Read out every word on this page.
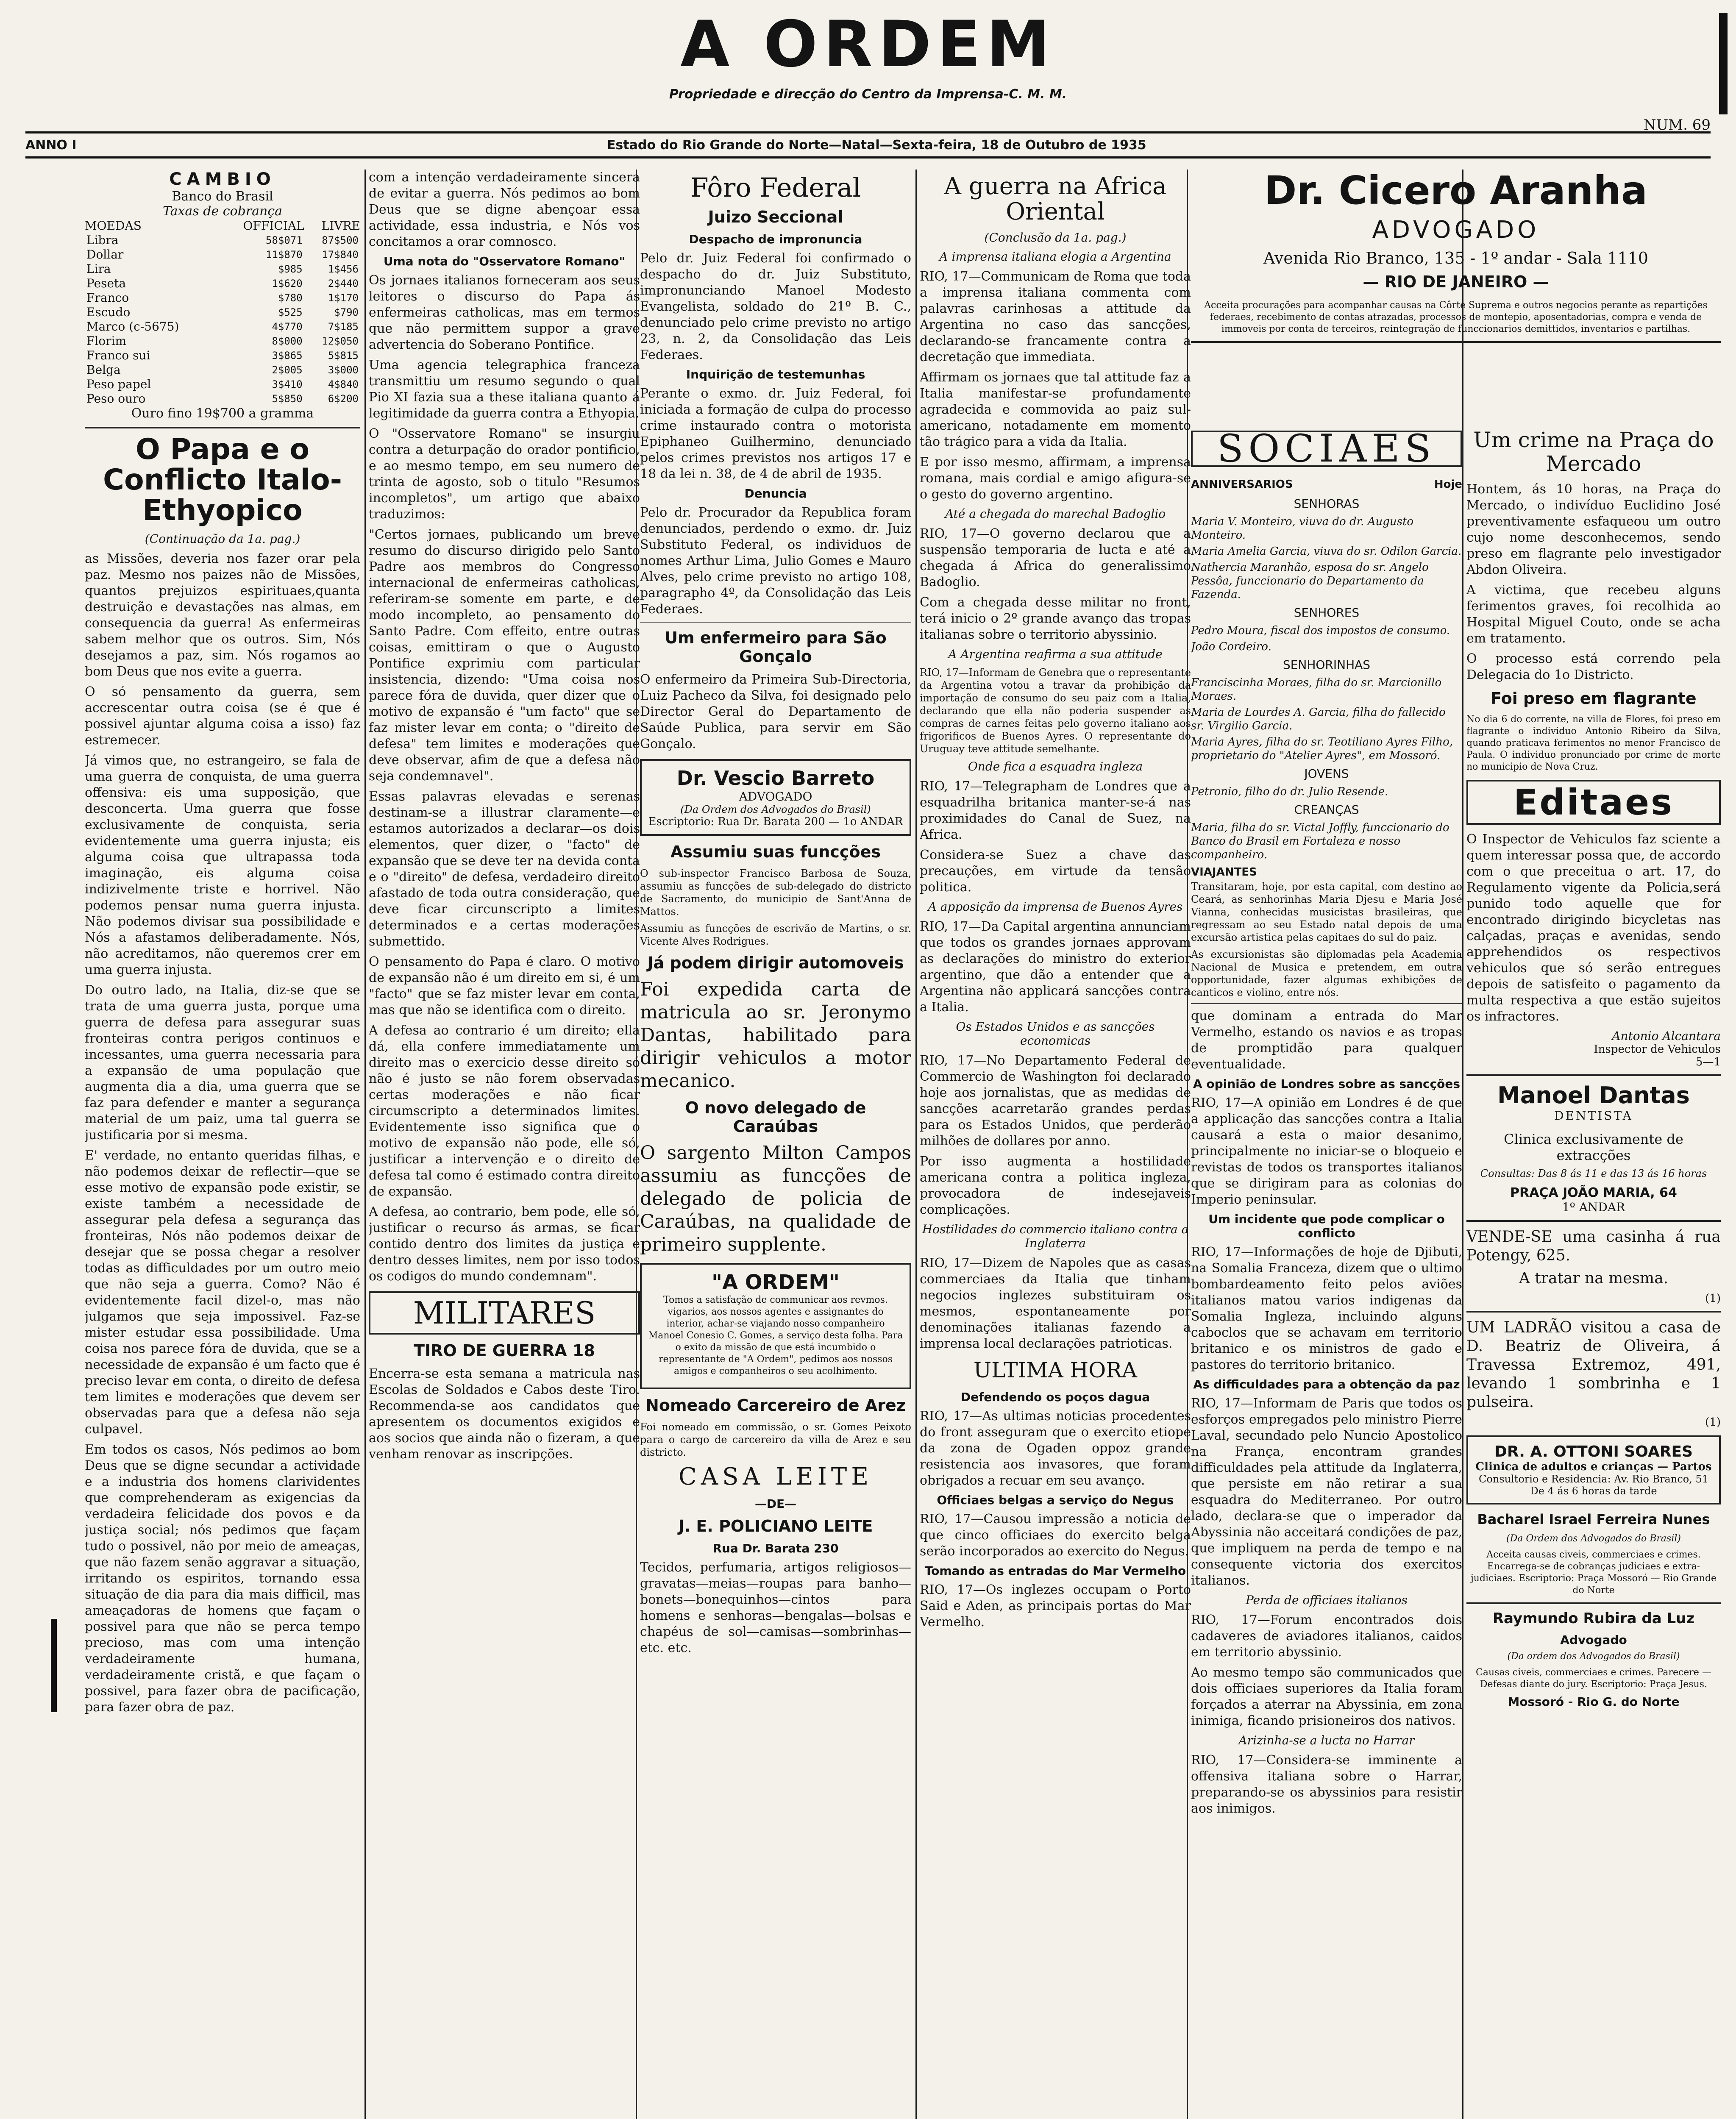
A ORDEM
Propriedade e direcção do Centro da Imprensa-C. M. M.
NUM. 69
ANNO I	Estado do Rio Grande do Norte—Natal—Sexta-feira, 18 de Outubro de 1935
CAMBIO
Banco do Brasil
Taxas de cobrança
MOEDAS	OFFICIAL	LIVRE
Libra	58$071	87$500
Dollar	11$870	17$840
Lira	$985	1$456
Peseta	1$620	2$440
Franco	$780	1$170
Escudo	$525	$790
Marco (c-5675)	4$770	7$185
Florim	8$000	12$050
Franco sui	3$865	5$815
Belga	2$005	3$000
Peso papel	3$410	4$840
Peso ouro	5$850	6$200
Ouro fino 19$700 a gramma
O Papa e o Conflicto Italo-Ethyopico
(Continuação da 1a. pag.)

as Missões, deveria nos fazer orar pela paz. Mesmo nos paizes não de Missões, quantos prejuizos espirituaes,quanta destruição e devastações nas almas, em consequencia da guerra! As enfermeiras sabem melhor que os outros. Sim, Nós desejamos a paz, sim. Nós rogamos ao bom Deus que nos evite a guerra.

O só pensamento da guerra, sem accrescentar outra coisa (se é que é possivel ajuntar alguma coisa a isso) faz estremecer.

Já vimos que, no estrangeiro, se fala de uma guerra de conquista, de uma guerra offensiva: eis uma supposição, que desconcerta. Uma guerra que fosse exclusivamente de conquista, seria evidentemente uma guerra injusta; eis alguma coisa que ultrapassa toda imaginação, eis alguma coisa indizivelmente triste e horrivel. Não podemos pensar numa guerra injusta. Não podemos divisar sua possibilidade e Nós a afastamos deliberadamente. Nós, não acreditamos, não queremos crer em uma guerra injusta.

Do outro lado, na Italia, diz-se que se trata de uma guerra justa, porque uma guerra de defesa para assegurar suas fronteiras contra perigos continuos e incessantes, uma guerra necessaria para a expansão de uma população que augmenta dia a dia, uma guerra que se faz para defender e manter a segurança material de um paiz, uma tal guerra se justificaria por si mesma.

E' verdade, no entanto queridas filhas, e não podemos deixar de reflectir—que se esse motivo de expansão pode existir, se existe também a necessidade de assegurar pela defesa a segurança das fronteiras, Nós não podemos deixar de desejar que se possa chegar a resolver todas as difficuldades por um outro meio que não seja a guerra. Como? Não é evidentemente facil dizel-o, mas não julgamos que seja impossivel. Faz-se mister estudar essa possibilidade. Uma coisa nos parece fóra de duvida, que se a necessidade de expansão é um facto que é preciso levar em conta, o direito de defesa tem limites e moderações que devem ser observadas para que a defesa não seja culpavel.

Em todos os casos, Nós pedimos ao bom Deus que se digne secundar a actividade e a industria dos homens clarividentes que comprehenderam as exigencias da verdadeira felicidade dos povos e da justiça social; nós pedimos que façam tudo o possivel, não por meio de ameaças, que não fazem senão aggravar a situação, irritando os espiritos, tornando essa situação de dia para dia mais difficil, mas ameaçadoras de homens que façam o possivel para que não se perca tempo precioso, mas com uma intenção verdadeiramente humana, verdadeiramente cristã, e que façam o possivel, para fazer obra de pacificação, para fazer obra de paz.

com a intenção verdadeiramente sincera de evitar a guerra. Nós pedimos ao bom Deus que se digne abençoar essa actividade, essa industria, e Nós vos concitamos a orar comnosco.

Uma nota do "Osservatore Romano"

Os jornaes italianos forneceram aos seus leitores o discurso do Papa ás enfermeiras catholicas, mas em termos que não permittem suppor a grave advertencia do Soberano Pontifice.

Uma agencia telegraphica franceza transmittiu um resumo segundo o qual Pio XI fazia sua a these italiana quanto á legitimidade da guerra contra a Ethyopia.

O "Osservatore Romano" se insurgiu contra a deturpação do orador pontificio, e ao mesmo tempo, em seu numero de trinta de agosto, sob o titulo "Resumos incompletos", um artigo que abaixo traduzimos:

"Certos jornaes, publicando um breve resumo do discurso dirigido pelo Santo Padre aos membros do Congresso internacional de enfermeiras catholicas, referiram-se somente em parte, e de modo incompleto, ao pensamento do Santo Padre. Com effeito, entre outras coisas, emittiram o que o Augusto Pontifice exprimiu com particular insistencia, dizendo: "Uma coisa nos parece fóra de duvida, quer dizer que o motivo de expansão é "um facto" que se faz mister levar em conta; o "direito de defesa" tem limites e moderações que deve observar, afim de que a defesa não seja condemnavel".

Essas palavras elevadas e serenas destinam-se a illustrar claramente—e estamos autorizados a declarar—os dois elementos, quer dizer, o "facto" de expansão que se deve ter na devida conta e o "direito" de defesa, verdadeiro direito afastado de toda outra consideração, que deve ficar circunscripto a limites determinados e a certas moderações submettido.

O pensamento do Papa é claro. O motivo de expansão não é um direito em si, é um "facto" que se faz mister levar em conta, mas que não se identifica com o direito.

A defesa ao contrario é um direito; ella dá, ella confere immediatamente um direito mas o exercicio desse direito só não é justo se não forem observadas certas moderações e não ficar circumscripto a determinados limites. Evidentemente isso significa que o motivo de expansão não pode, elle só, justificar a intervenção e o direito de defesa tal como é estimado contra direito de expansão.

A defesa, ao contrario, bem pode, elle só, justificar o recurso ás armas, se ficar contido dentro dos limites da justiça e dentro desses limites, nem por isso todos os codigos do mundo condemnam".

MILITARES
TIRO DE GUERRA 18

Encerra-se esta semana a matricula nas Escolas de Soldados e Cabos deste Tiro. Recommenda-se aos candidatos que apresentem os documentos exigidos e aos socios que ainda não o fizeram, a que venham renovar as inscripções.

Fôro Federal
Juizo Seccional
Despacho de impronuncia

Pelo dr. Juiz Federal foi confirmado o despacho do dr. Juiz Substituto, impronunciando Manoel Modesto Evangelista, soldado do 21º B. C., denunciado pelo crime previsto no artigo 23, n. 2, da Consolidação das Leis Federaes.

Inquirição de testemunhas

Perante o exmo. dr. Juiz Federal, foi iniciada a formação de culpa do processo crime instaurado contra o motorista Epiphaneo Guilhermino, denunciado pelos crimes previstos nos artigos 17 e 18 da lei n. 38, de 4 de abril de 1935.

Denuncia

Pelo dr. Procurador da Republica foram denunciados, perdendo o exmo. dr. Juiz Substituto Federal, os individuos de nomes Arthur Lima, Julio Gomes e Mauro Alves, pelo crime previsto no artigo 108, paragrapho 4º, da Consolidação das Leis Federaes.

Um enfermeiro para São Gonçalo

O enfermeiro da Primeira Sub-Directoria, Luiz Pacheco da Silva, foi designado pelo Director Geral do Departamento de Saúde Publica, para servir em São Gonçalo.

Dr. Vescio Barreto
ADVOGADO
(Da Ordem dos Advogados do Brasil)
Escriptorio: Rua Dr. Barata 200 — 1o ANDAR
Assumiu suas funcções

O sub-inspector Francisco Barbosa de Souza, assumiu as funcções de sub-delegado do districto de Sacramento, do municipio de Sant'Anna de Mattos.

Assumiu as funcções de escrivão de Martins, o sr. Vicente Alves Rodrigues.

Já podem dirigir automoveis

Foi expedida carta de matricula ao sr. Jeronymo Dantas, habilitado para dirigir vehiculos a motor mecanico.

O novo delegado de Caraúbas

O sargento Milton Campos assumiu as funcções de delegado de policia de Caraúbas, na qualidade de primeiro supplente.

"A ORDEM"

Tomos a satisfação de communicar aos revmos. vigarios, aos nossos agentes e assignantes do interior, achar-se viajando nosso companheiro Manoel Conesio C. Gomes, a serviço desta folha. Para o exito da missão de que está incumbido o representante de "A Ordem", pedimos aos nossos amigos e companheiros o seu acolhimento.

Nomeado Carcereiro de Arez

Foi nomeado em commissão, o sr. Gomes Peixoto para o cargo de carcereiro da villa de Arez e seu districto.

CASA LEITE
—DE—
J. E. POLICIANO LEITE
Rua Dr. Barata 230

Tecidos, perfumaria, artigos religiosos—gravatas—meias—roupas para banho—bonets—bonequinhos—cintos para homens e senhoras—bengalas—bolsas e chapéus de sol—camisas—sombrinhas—etc. etc.

A guerra na Africa Oriental
(Conclusão da 1a. pag.)
A imprensa italiana elogia a Argentina

RIO, 17—Communicam de Roma que toda a imprensa italiana commenta com palavras carinhosas a attitude da Argentina no caso das sancções, declarando-se francamente contra a decretação que immediata.

Affirmam os jornaes que tal attitude faz a Italia manifestar-se profundamente agradecida e commovida ao paiz sul-americano, notadamente em momento tão trágico para a vida da Italia.

E por isso mesmo, affirmam, a imprensa romana, mais cordial e amigo afigura-se o gesto do governo argentino.

Até a chegada do marechal Badoglio

RIO, 17—O governo declarou que a suspensão temporaria de lucta e até a chegada á Africa do generalissimo Badoglio.

Com a chegada desse militar no front, terá inicio o 2º grande avanço das tropas italianas sobre o territorio abyssinio.

A Argentina reafirma a sua attitude

RIO, 17—Informam de Genebra que o representante da Argentina votou a travar da prohibição da importação de consumo do seu paiz com a Italia, declarando que ella não poderia suspender as compras de carnes feitas pelo governo italiano aos frigorificos de Buenos Ayres. O representante do Uruguay teve attitude semelhante.

Onde fica a esquadra ingleza

RIO, 17—Telegrapham de Londres que a esquadrilha britanica manter-se-á nas proximidades do Canal de Suez, na Africa.

Considera-se Suez a chave das precauções, em virtude da tensão politica.

A apposição da imprensa de Buenos Ayres

RIO, 17—Da Capital argentina annunciam que todos os grandes jornaes approvam as declarações do ministro do exterior argentino, que dão a entender que a Argentina não applicará sancções contra a Italia.

Os Estados Unidos e as sancções economicas

RIO, 17—No Departamento Federal de Commercio de Washington foi declarado hoje aos jornalistas, que as medidas de sancções acarretarão grandes perdas para os Estados Unidos, que perderão milhões de dollares por anno.

Por isso augmenta a hostilidade americana contra a politica ingleza, provocadora de indesejaveis complicações.

Hostilidades do commercio italiano contra a Inglaterra

RIO, 17—Dizem de Napoles que as casas commerciaes da Italia que tinham negocios inglezes substituiram os mesmos, espontaneamente por denominações italianas fazendo a imprensa local declarações patrioticas.

ULTIMA HORA
Defendendo os poços dagua

RIO, 17—As ultimas noticias procedentes do front asseguram que o exercito etiope da zona de Ogaden oppoz grande resistencia aos invasores, que foram obrigados a recuar em seu avanço.

Officiaes belgas a serviço do Negus

RIO, 17—Causou impressão a noticia de que cinco officiaes do exercito belga serão incorporados ao exercito do Negus.

Tomando as entradas do Mar Vermelho

RIO, 17—Os inglezes occupam o Porto Said e Aden, as principais portas do Mar Vermelho.

Dr. Cicero Aranha
ADVOGADO
Avenida Rio Branco, 135 - 1º andar - Sala 1110
— RIO DE JANEIRO —

Acceita procurações para acompanhar causas na Côrte Suprema e outros negocios perante as repartições federaes, recebimento de contas atrazadas, processos de montepio, aposentadorias, compra e venda de immoveis por conta de terceiros, reintegração de funccionarios demittidos, inventarios e partilhas.

SOCIAES
ANNIVERSARIOS	Hoje
SENHORAS
Maria V. Monteiro, viuva do dr. Augusto Monteiro.
Maria Amelia Garcia, viuva do sr. Odilon Garcia.
Nathercia Maranhão, esposa do sr. Angelo Pessôa, funccionario do Departamento da Fazenda.
SENHORES
Pedro Moura, fiscal dos impostos de consumo.
João Cordeiro.
SENHORINHAS
Franciscinha Moraes, filha do sr. Marcionillo Moraes.
Maria de Lourdes A. Garcia, filha do fallecido sr. Virgilio Garcia.
Maria Ayres, filha do sr. Teotiliano Ayres Filho, proprietario do "Atelier Ayres", em Mossoró.
JOVENS
Petronio, filho do dr. Julio Resende.
CREANÇAS
Maria, filha do sr. Victal Joffly, funccionario do Banco do Brasil em Fortaleza e nosso companheiro.
VIAJANTES

Transitaram, hoje, por esta capital, com destino ao Ceará, as senhorinhas Maria Djesu e Maria José Vianna, conhecidas musicistas brasileiras, que regressam ao seu Estado natal depois de uma excursão artistica pelas capitaes do sul do paiz.

As excursionistas são diplomadas pela Academia Nacional de Musica e pretendem, em outra opportunidade, fazer algumas exhibições de canticos e violino, entre nós.

que dominam a entrada do Mar Vermelho, estando os navios e as tropas de promptidão para qualquer eventualidade.

A opinião de Londres sobre as sancções

RIO, 17—A opinião em Londres é de que a applicação das sancções contra a Italia causará a esta o maior desanimo, principalmente no iniciar-se o bloqueio e revistas de todos os transportes italianos que se dirigiram para as colonias do Imperio peninsular.

Um incidente que pode complicar o conflicto

RIO, 17—Informações de hoje de Djibuti, na Somalia Franceza, dizem que o ultimo bombardeamento feito pelos aviões italianos matou varios indigenas da Somalia Ingleza, incluindo alguns caboclos que se achavam em territorio britanico e os ministros de gado e pastores do territorio britanico.

As difficuldades para a obtenção da paz

RIO, 17—Informam de Paris que todos os esforços empregados pelo ministro Pierre Laval, secundado pelo Nuncio Apostolico na França, encontram grandes difficuldades pela attitude da Inglaterra, que persiste em não retirar a sua esquadra do Mediterraneo. Por outro lado, declara-se que o imperador da Abyssinia não acceitará condições de paz, que impliquem na perda de tempo e na consequente victoria dos exercitos italianos.

Perda de officiaes italianos

RIO, 17—Forum encontrados dois cadaveres de aviadores italianos, caidos em territorio abyssinio.

Ao mesmo tempo são communicados que dois officiaes superiores da Italia foram forçados a aterrar na Abyssinia, em zona inimiga, ficando prisioneiros dos nativos.

Arizinha-se a lucta no Harrar

RIO, 17—Considera-se imminente a offensiva italiana sobre o Harrar, preparando-se os abyssinios para resistir aos inimigos.

Um crime na Praça do Mercado

Hontem, ás 10 horas, na Praça do Mercado, o indivíduo Euclidino José preventivamente esfaqueou um outro cujo nome desconhecemos, sendo preso em flagrante pelo investigador Abdon Oliveira.

A victima, que recebeu alguns ferimentos graves, foi recolhida ao Hospital Miguel Couto, onde se acha em tratamento.

O processo está correndo pela Delegacia do 1o Districto.

Foi preso em flagrante

No dia 6 do corrente, na villa de Flores, foi preso em flagrante o individuo Antonio Ribeiro da Silva, quando praticava ferimentos no menor Francisco de Paula. O individuo pronunciado por crime de morte no municipio de Nova Cruz.

Editaes

O Inspector de Vehiculos faz sciente a quem interessar possa que, de accordo com o que preceitua o art. 17, do Regulamento vigente da Policia,será punido todo aquelle que for encontrado dirigindo bicycletas nas calçadas, praças e avenidas, sendo apprehendidos os respectivos vehiculos que só serão entregues depois de satisfeito o pagamento da multa respectiva a que estão sujeitos os infractores.

Antonio Alcantara
Inspector de Vehiculos
5—1
Manoel Dantas
DENTISTA
Clinica exclusivamente de extracções
Consultas: Das 8 ás 11 e das 13 ás 16 horas
PRAÇA JOÃO MARIA, 64
1º ANDAR

VENDE-SE uma casinha á rua Potengy, 625.

A tratar na mesma.

(1)

UM LADRÃO visitou a casa de D. Beatriz de Oliveira, á Travessa Extremoz, 491, levando 1 sombrinha e 1 pulseira.

(1)
DR. A. OTTONI SOARES
Clinica de adultos e crianças — Partos
Consultorio e Residencia: Av. Rio Branco, 51 De 4 ás 6 horas da tarde
Bacharel Israel Ferreira Nunes
(Da Ordem dos Advogados do Brasil)

Acceita causas civeis, commerciaes e crimes. Encarrega-se de cobranças judiciaes e extra-judiciaes. Escriptorio: Praça Mossoró — Rio Grande do Norte

Raymundo Rubira da Luz
Advogado
(Da ordem dos Advogados do Brasil)

Causas civeis, commerciaes e crimes. Parecere — Defesas diante do jury. Escriptorio: Praça Jesus.

Mossoró - Rio G. do Norte
